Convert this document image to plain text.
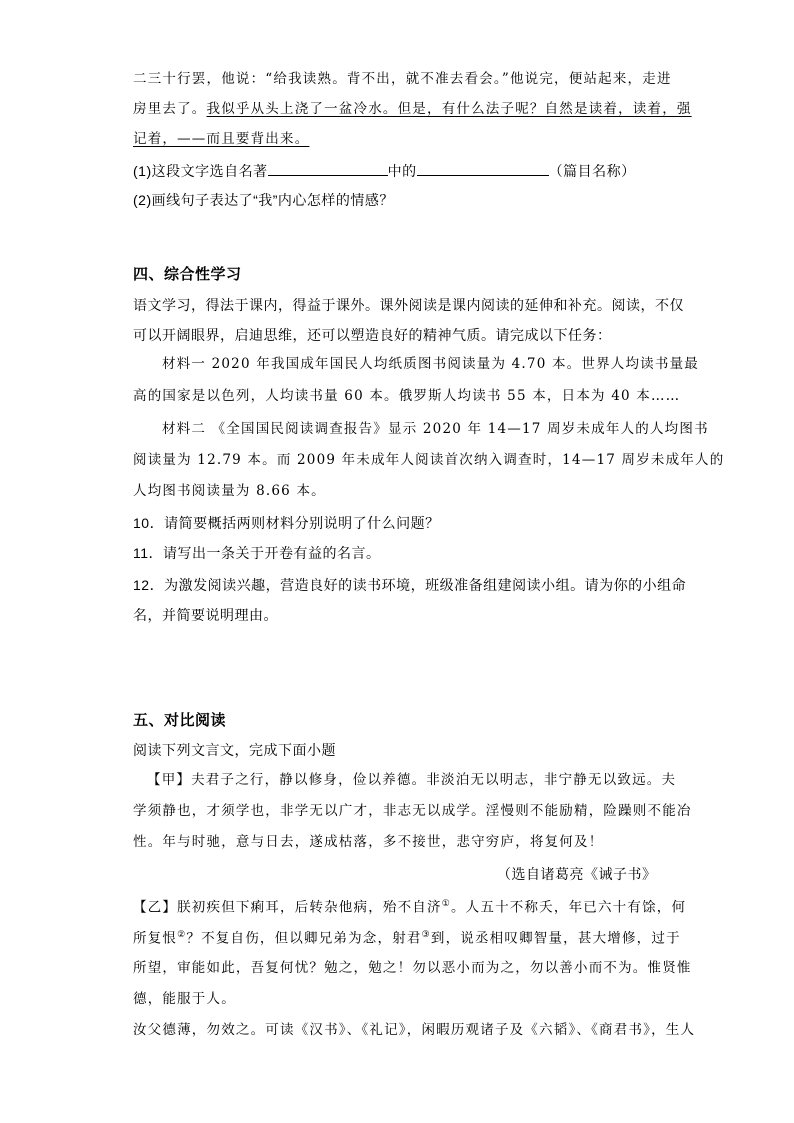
二三十行罢，他说：“给我读熟。背不出，就不准去看会。”他说完，便站起来，走进
房里去了。我似乎从头上浇了一盆冷水。但是，有什么法子呢？自然是读着，读着，强
记着，——而且要背出来。
(1)这段文字选自名著	中的	（篇目名称）
(2)画线句子表达了“我”内心怎样的情感？
四、综合性学习
语文学习，得法于课内，得益于课外。课外阅读是课内阅读的延伸和补充。阅读，不仅
可以开阔眼界，启迪思维，还可以塑造良好的精神气质。请完成以下任务：
材料一 2020 年我国成年国民人均纸质图书阅读量为 4.70 本。世界人均读书量最
高的国家是以色列，人均读书量 60 本。俄罗斯人均读书 55 本，日本为 40 本……
材料二 《全国国民阅读调查报告》显示 2020 年 14—17 周岁未成年人的人均图书
阅读量为 12.79 本。而 2009 年未成年人阅读首次纳入调查时，14—17 周岁未成年人的
人均图书阅读量为 8.66 本。
10．请简要概括两则材料分别说明了什么问题？
11．请写出一条关于开卷有益的名言。
12．为激发阅读兴趣，营造良好的读书环境，班级准备组建阅读小组。请为你的小组命
名，并简要说明理由。
五、对比阅读
阅读下列文言文，完成下面小题
【甲】夫君子之行，静以修身，俭以养德。非淡泊无以明志，非宁静无以致远。夫
学须静也，才须学也，非学无以广才，非志无以成学。淫慢则不能励精，险躁则不能冶
性。年与时驰，意与日去，遂成枯落，多不接世，悲守穷庐，将复何及！
（选自诸葛亮《诫子书》
【乙】朕初疾但下痢耳，后转杂他病，殆不自济①。人五十不称夭，年已六十有馀，何
所复恨②？不复自伤，但以卿兄弟为念，射君③到，说丞相叹卿智量，甚大增修，过于
所望，审能如此，吾复何忧？勉之，勉之！勿以恶小而为之，勿以善小而不为。惟贤惟
德，能服于人。
汝父德薄，勿效之。可读《汉书》、《礼记》，闲暇历观诸子及《六韬》、《商君书》，生人
